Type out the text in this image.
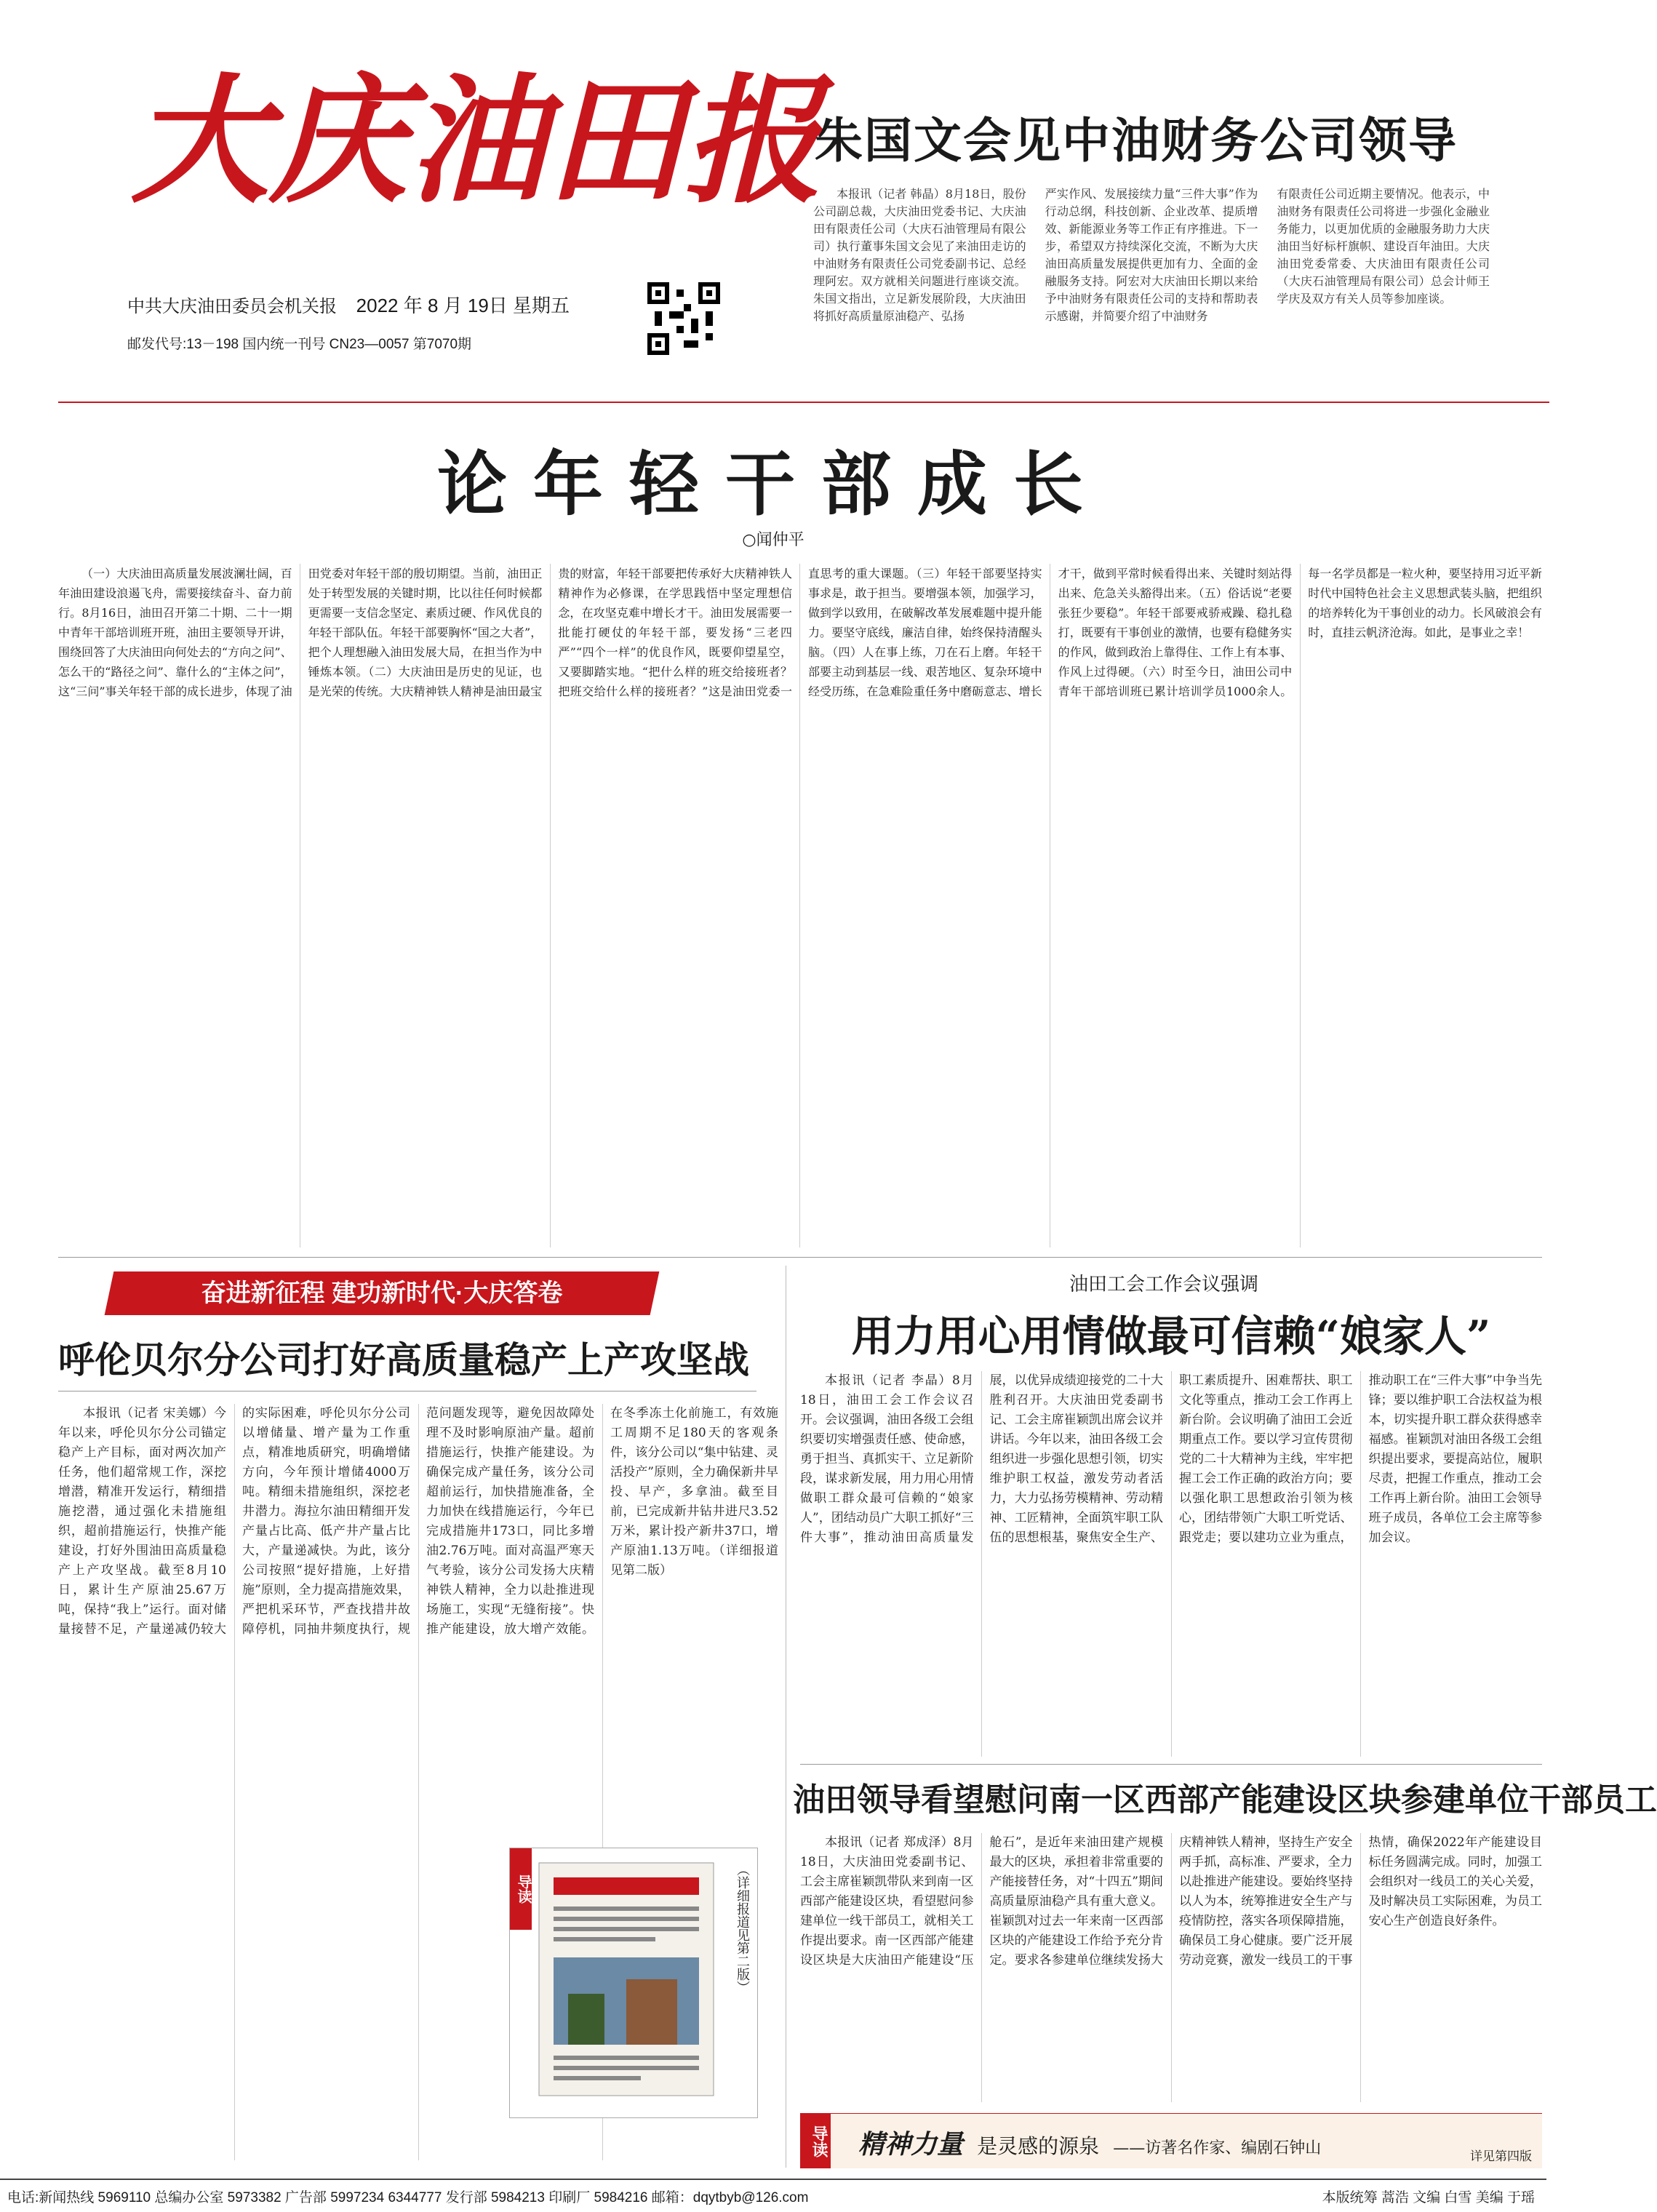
大庆油田报
中共大庆油田委员会机关报 2022 年 8 月 19日 星期五
邮发代号:13－198 国内统一刊号 CN23—0057 第7070期
朱国文会见中油财务公司领导
本报讯（记者 韩晶）8月18日，股份公司副总裁，大庆油田党委书记、大庆油田有限责任公司（大庆石油管理局有限公司）执行董事朱国文会见了来油田走访的中油财务有限责任公司党委副书记、总经理阿宏。双方就相关问题进行座谈交流。朱国文指出，立足新发展阶段，大庆油田将抓好高质量原油稳产、弘扬
严实作风、发展接续力量“三件大事”作为行动总纲，科技创新、企业改革、提质增效、新能源业务等工作正有序推进。下一步，希望双方持续深化交流，不断为大庆油田高质量发展提供更加有力、全面的金融服务支持。阿宏对大庆油田长期以来给予中油财务有限责任公司的支持和帮助表示感谢，并简要介绍了中油财务
有限责任公司近期主要情况。他表示，中油财务有限责任公司将进一步强化金融业务能力，以更加优质的金融服务助力大庆油田当好标杆旗帜、建设百年油田。大庆油田党委常委、大庆油田有限责任公司（大庆石油管理局有限公司）总会计师王学庆及双方有关人员等参加座谈。
论年轻干部成长
○闻仲平
（一）大庆油田高质量发展波澜壮阔，百年油田建设浪遏飞舟，需要接续奋斗、奋力前行。8月16日，油田召开第二十期、二十一期中青年干部培训班开班，油田主要领导开讲，围绕回答了大庆油田向何处去的“方向之问”、怎么干的“路径之问”、靠什么的“主体之问”，这“三问”事关年轻干部的成长进步，体现了油田党委对年轻干部的殷切期望。当前，油田正处于转型发展的关键时期，比以往任何时候都更需要一支信念坚定、素质过硬、作风优良的年轻干部队伍。年轻干部要胸怀“国之大者”，把个人理想融入油田发展大局，在担当作为中锤炼本领。（二）大庆油田是历史的见证，也是光荣的传统。大庆精神铁人精神是油田最宝贵的财富，年轻干部要把传承好大庆精神铁人精神作为必修课，在学思践悟中坚定理想信念，在攻坚克难中增长才干。油田发展需要一批能打硬仗的年轻干部，要发扬“三老四严”“四个一样”的优良作风，既要仰望星空，又要脚踏实地。“把什么样的班交给接班者？把班交给什么样的接班者？”这是油田党委一直思考的重大课题。（三）年轻干部要坚持实事求是，敢于担当。要增强本领，加强学习，做到学以致用，在破解改革发展难题中提升能力。要坚守底线，廉洁自律，始终保持清醒头脑。（四）人在事上练，刀在石上磨。年轻干部要主动到基层一线、艰苦地区、复杂环境中经受历练，在急难险重任务中磨砺意志、增长才干，做到平常时候看得出来、关键时刻站得出来、危急关头豁得出来。（五）俗话说“老要张狂少要稳”。年轻干部要戒骄戒躁、稳扎稳打，既要有干事创业的激情，也要有稳健务实的作风，做到政治上靠得住、工作上有本事、作风上过得硬。（六）时至今日，油田公司中青年干部培训班已累计培训学员1000余人。每一名学员都是一粒火种，要坚持用习近平新时代中国特色社会主义思想武装头脑，把组织的培养转化为干事创业的动力。长风破浪会有时，直挂云帆济沧海。如此，是事业之幸！
奋进新征程 建功新时代·大庆答卷
呼伦贝尔分公司打好高质量稳产上产攻坚战
本报讯（记者 宋美娜）今年以来，呼伦贝尔分公司锚定稳产上产目标，面对两次加产任务，他们超常规工作，深挖增潜，精准开发运行，精细措施挖潜，通过强化未措施组织，超前措施运行，快推产能建设，打好外围油田高质量稳产上产攻坚战。截至8月10日，累计生产原油25.67万吨，保持“我上”运行。面对储量接替不足，产量递减仍较大的实际困难，呼伦贝尔分公司以增储量、增产量为工作重点，精准地质研究，明确增储方向，今年预计增储4000万吨。精细未措施组织，深挖老井潜力。海拉尔油田精细开发产量占比高、低产井产量占比大，产量递减快。为此，该分公司按照“提好措施，上好措施”原则，全力提高措施效果，严把机采环节，严查找措井故障停机，同抽井频度执行，规范问题发现等，避免因故障处理不及时影响原油产量。超前措施运行，快推产能建设。为确保完成产量任务，该分公司超前运行，加快措施准备，全力加快在线措施运行，今年已完成措施井173口，同比多增油2.76万吨。面对高温严寒天气考验，该分公司发扬大庆精神铁人精神，全力以赴推进现场施工，实现“无缝衔接”。快推产能建设，放大增产效能。在冬季冻土化前施工，有效施工周期不足180天的客观条件，该分公司以“集中钻建、灵活投产”原则，全力确保新井早投、早产，多拿油。截至目前，已完成新井钻井进尺3.52万米，累计投产新井37口，增产原油1.13万吨。（详细报道见第二版）
导读	（详细报道见第二版）
油田工会工作会议强调
用力用心用情做最可信赖“娘家人”
本报讯（记者 李晶）8月18日，油田工会工作会议召开。会议强调，油田各级工会组织要切实增强责任感、使命感，勇于担当、真抓实干、立足新阶段，谋求新发展，用力用心用情做职工群众最可信赖的“娘家人”，团结动员广大职工抓好“三件大事”，推动油田高质量发展，以优异成绩迎接党的二十大胜利召开。大庆油田党委副书记、工会主席崔颖凯出席会议并讲话。今年以来，油田各级工会组织进一步强化思想引领，切实维护职工权益，激发劳动者活力，大力弘扬劳模精神、劳动精神、工匠精神，全面筑牢职工队伍的思想根基，聚焦安全生产、职工素质提升、困难帮扶、职工文化等重点，推动工会工作再上新台阶。会议明确了油田工会近期重点工作。要以学习宣传贯彻党的二十大精神为主线，牢牢把握工会工作正确的政治方向；要以强化职工思想政治引领为核心，团结带领广大职工听党话、跟党走；要以建功立业为重点，推动职工在“三件大事”中争当先锋；要以维护职工合法权益为根本，切实提升职工群众获得感幸福感。崔颖凯对油田各级工会组织提出要求，要提高站位，履职尽责，把握工作重点，推动工会工作再上新台阶。油田工会领导班子成员，各单位工会主席等参加会议。
油田领导看望慰问南一区西部产能建设区块参建单位干部员工
本报讯（记者 郑成泽）8月18日，大庆油田党委副书记、工会主席崔颖凯带队来到南一区西部产能建设区块，看望慰问参建单位一线干部员工，就相关工作提出要求。南一区西部产能建设区块是大庆油田产能建设“压舱石”，是近年来油田建产规模最大的区块，承担着非常重要的产能接替任务，对“十四五”期间高质量原油稳产具有重大意义。崔颖凯对过去一年来南一区西部区块的产能建设工作给予充分肯定。要求各参建单位继续发扬大庆精神铁人精神，坚持生产安全两手抓，高标准、严要求，全力以赴推进产能建设。要始终坚持以人为本，统筹推进安全生产与疫情防控，落实各项保障措施，确保员工身心健康。要广泛开展劳动竞赛，激发一线员工的干事热情，确保2022年产能建设目标任务圆满完成。同时，加强工会组织对一线员工的关心关爱，及时解决员工实际困难，为员工安心生产创造良好条件。
导读 精神力量 是灵感的源泉 ——访著名作家、编剧石钟山	详见第四版
电话:新闻热线 5969110 总编办公室 5973382 广告部 5997234 6344777 发行部 5984213 印刷厂 5984216 邮箱：dqytbyb@126.com	本版统筹 蒿浩 文编 白雪 美编 于瑶
